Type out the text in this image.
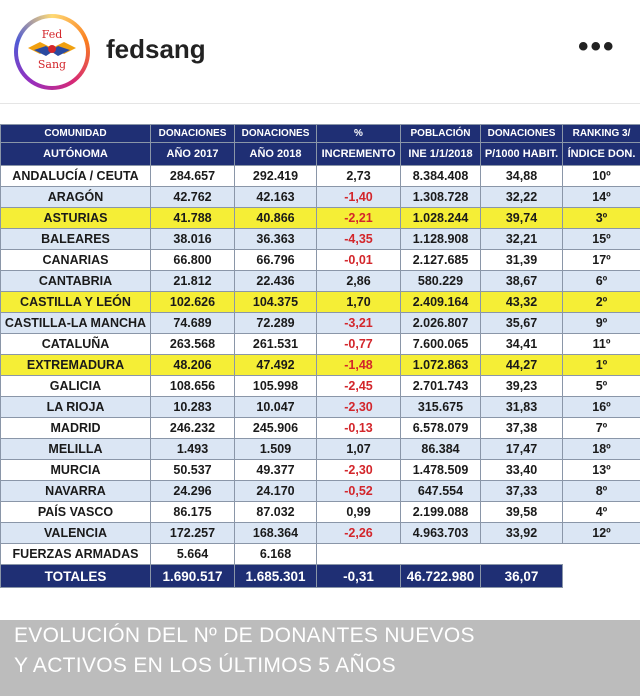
Fed
Sang
fedsang	•••
COMUNIDAD	DONACIONES	DONACIONES	%	POBLACIÓN	DONACIONES	RANKING 3/
AUTÓNOMA	AÑO 2017	AÑO 2018	INCREMENTO	INE 1/1/2018	P/1000 HABIT.	ÍNDICE DON.
ANDALUCÍA / CEUTA	284.657	292.419	2,73	8.384.408	34,88	10º
ARAGÓN	42.762	42.163	-1,40	1.308.728	32,22	14º
ASTURIAS	41.788	40.866	-2,21	1.028.244	39,74	3º
BALEARES	38.016	36.363	-4,35	1.128.908	32,21	15º
CANARIAS	66.800	66.796	-0,01	2.127.685	31,39	17º
CANTABRIA	21.812	22.436	2,86	580.229	38,67	6º
CASTILLA Y LEÓN	102.626	104.375	1,70	2.409.164	43,32	2º
CASTILLA-LA MANCHA	74.689	72.289	-3,21	2.026.807	35,67	9º
CATALUÑA	263.568	261.531	-0,77	7.600.065	34,41	11º
EXTREMADURA	48.206	47.492	-1,48	1.072.863	44,27	1º
GALICIA	108.656	105.998	-2,45	2.701.743	39,23	5º
LA RIOJA	10.283	10.047	-2,30	315.675	31,83	16º
MADRID	246.232	245.906	-0,13	6.578.079	37,38	7º
MELILLA	1.493	1.509	1,07	86.384	17,47	18º
MURCIA	50.537	49.377	-2,30	1.478.509	33,40	13º
NAVARRA	24.296	24.170	-0,52	647.554	37,33	8º
PAÍS VASCO	86.175	87.032	0,99	2.199.088	39,58	4º
VALENCIA	172.257	168.364	-2,26	4.963.703	33,92	12º
FUERZAS ARMADAS	5.664	6.168				
TOTALES	1.690.517	1.685.301	-0,31	46.722.980	36,07	
EVOLUCIÓN DEL Nº DE DONANTES NUEVOS
Y ACTIVOS EN LOS ÚLTIMOS 5 AÑOS
